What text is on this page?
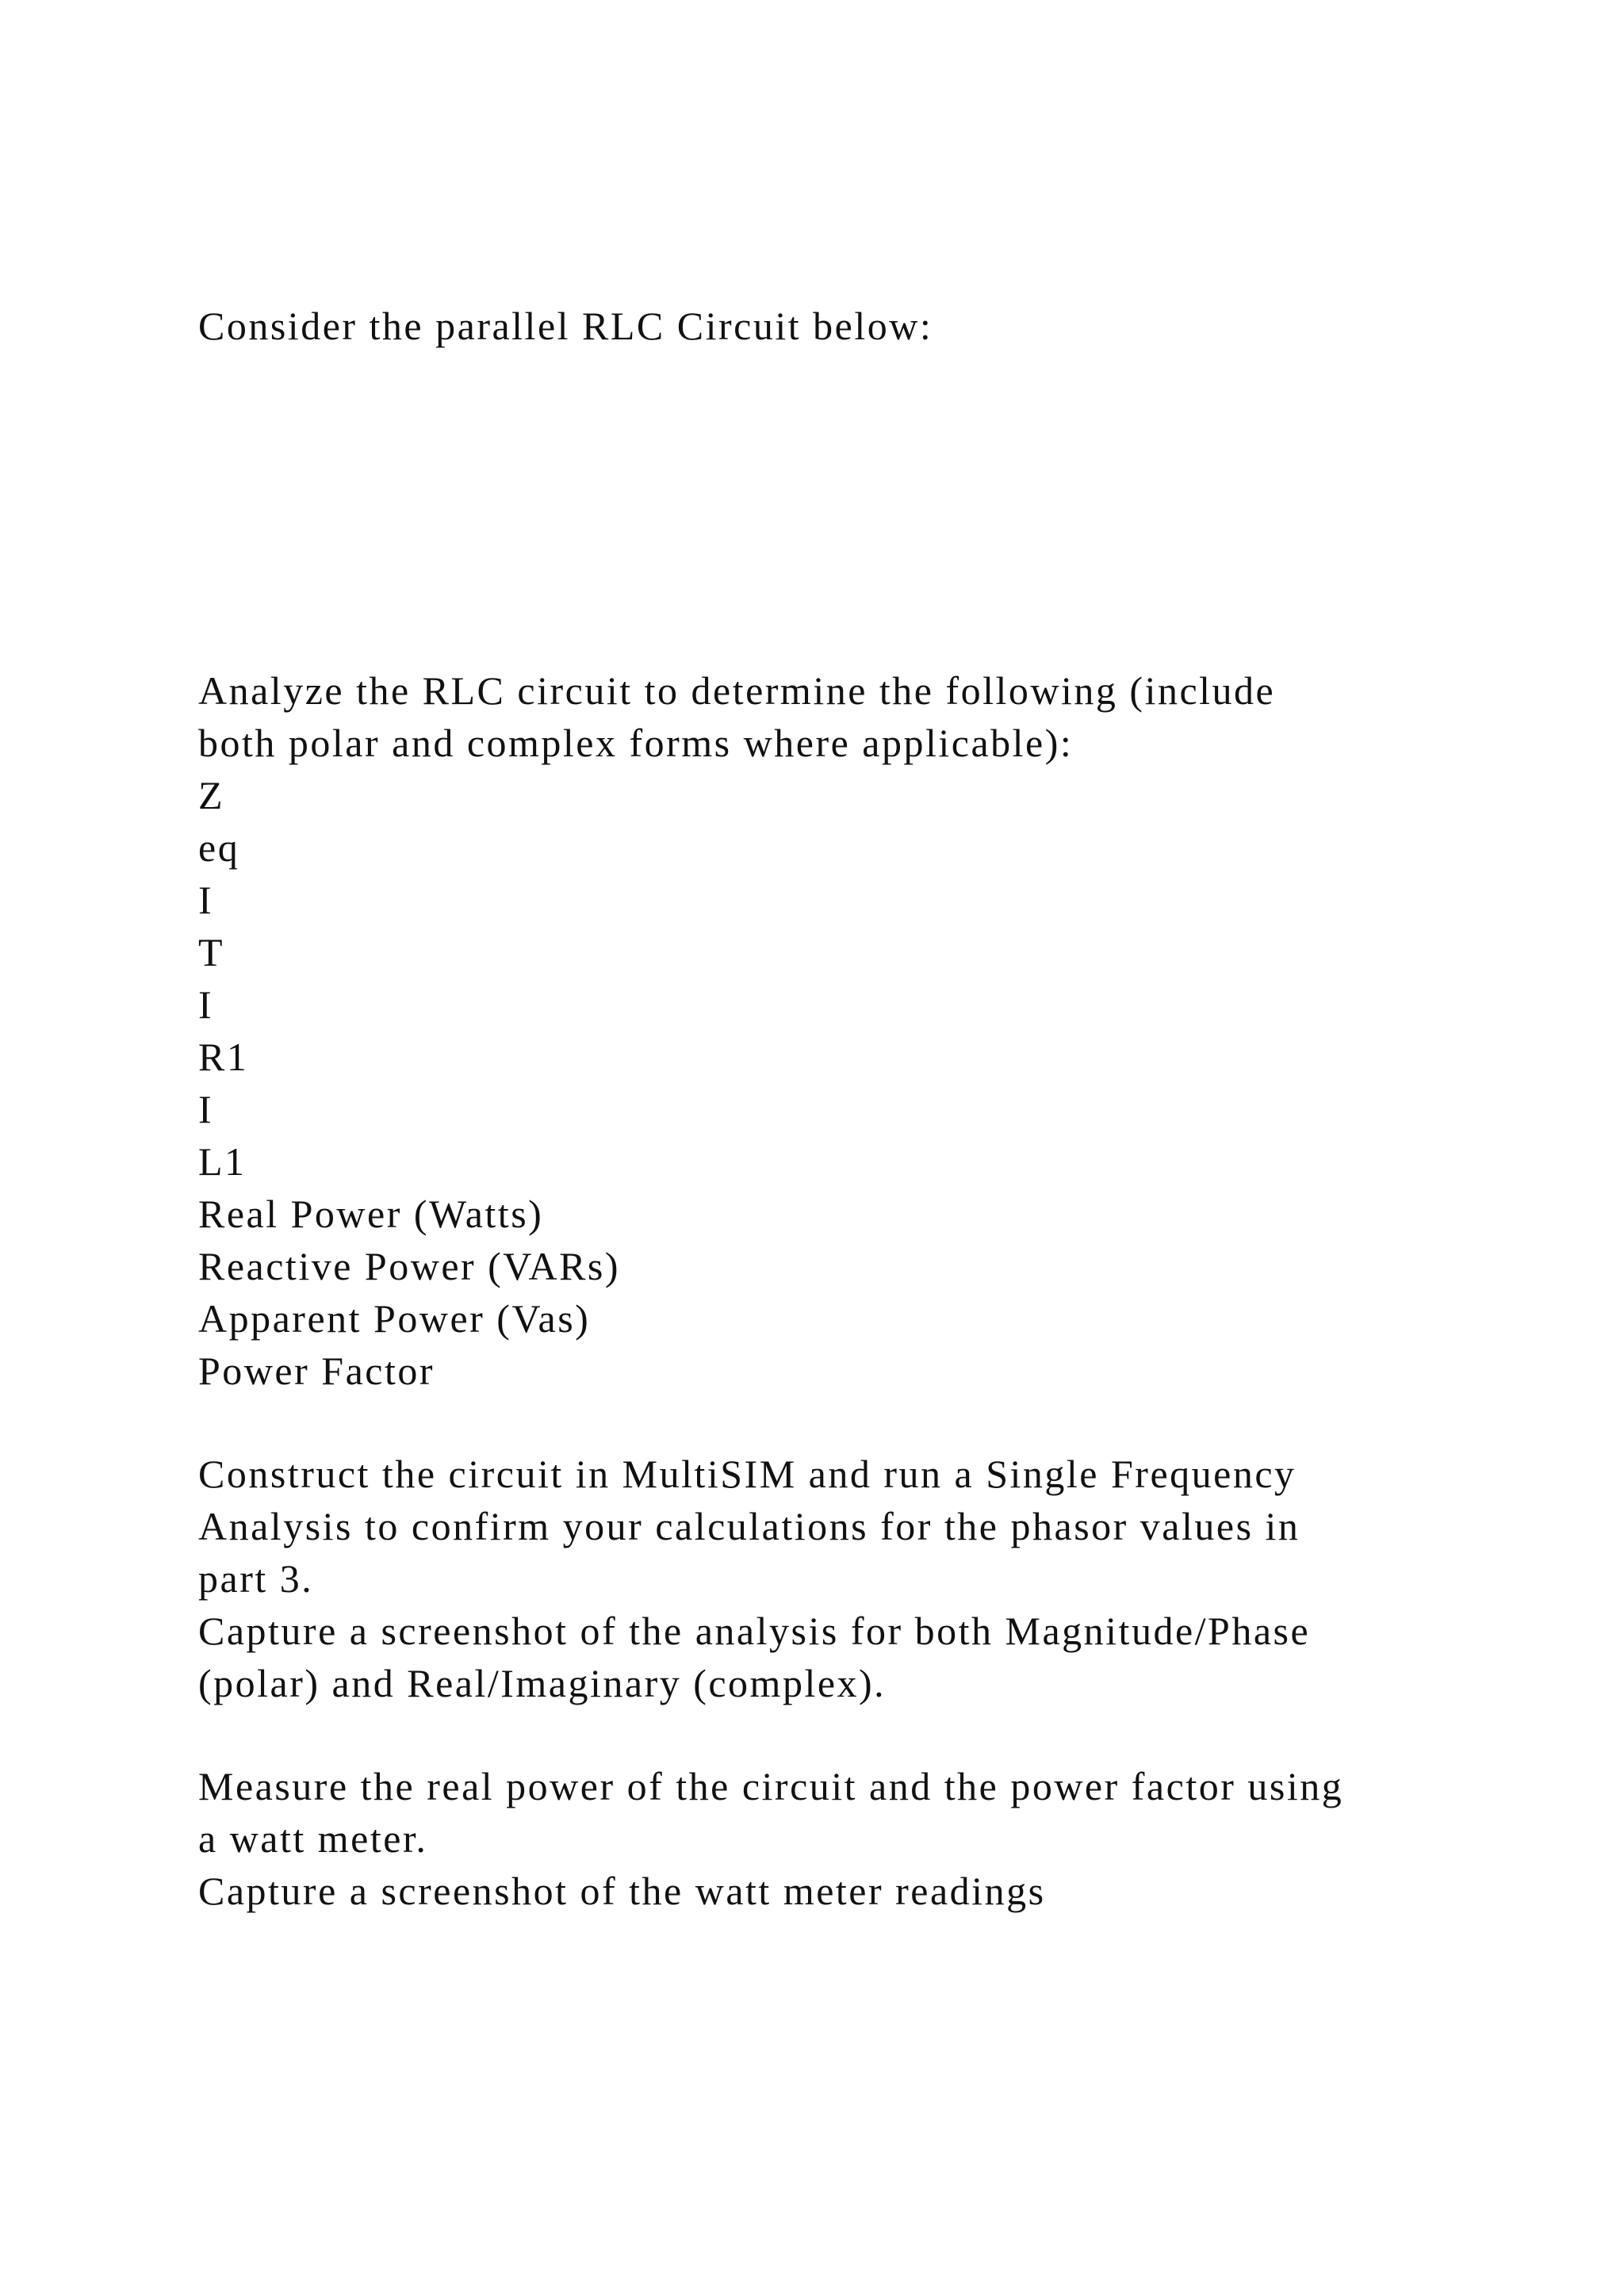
Consider the parallel RLC Circuit below:

Analyze the RLC circuit to determine the following (include

both polar and complex forms where applicable):

Z

eq

I

T

I

R1

I

L1

Real Power (Watts)

Reactive Power (VARs)

Apparent Power (Vas)

Power Factor

Construct the circuit in MultiSIM and run a Single Frequency

Analysis to confirm your calculations for the phasor values in

part 3.

Capture a screenshot of the analysis for both Magnitude/Phase

(polar) and Real/Imaginary (complex).

Measure the real power of the circuit and the power factor using

a watt meter.

Capture a screenshot of the watt meter readings
